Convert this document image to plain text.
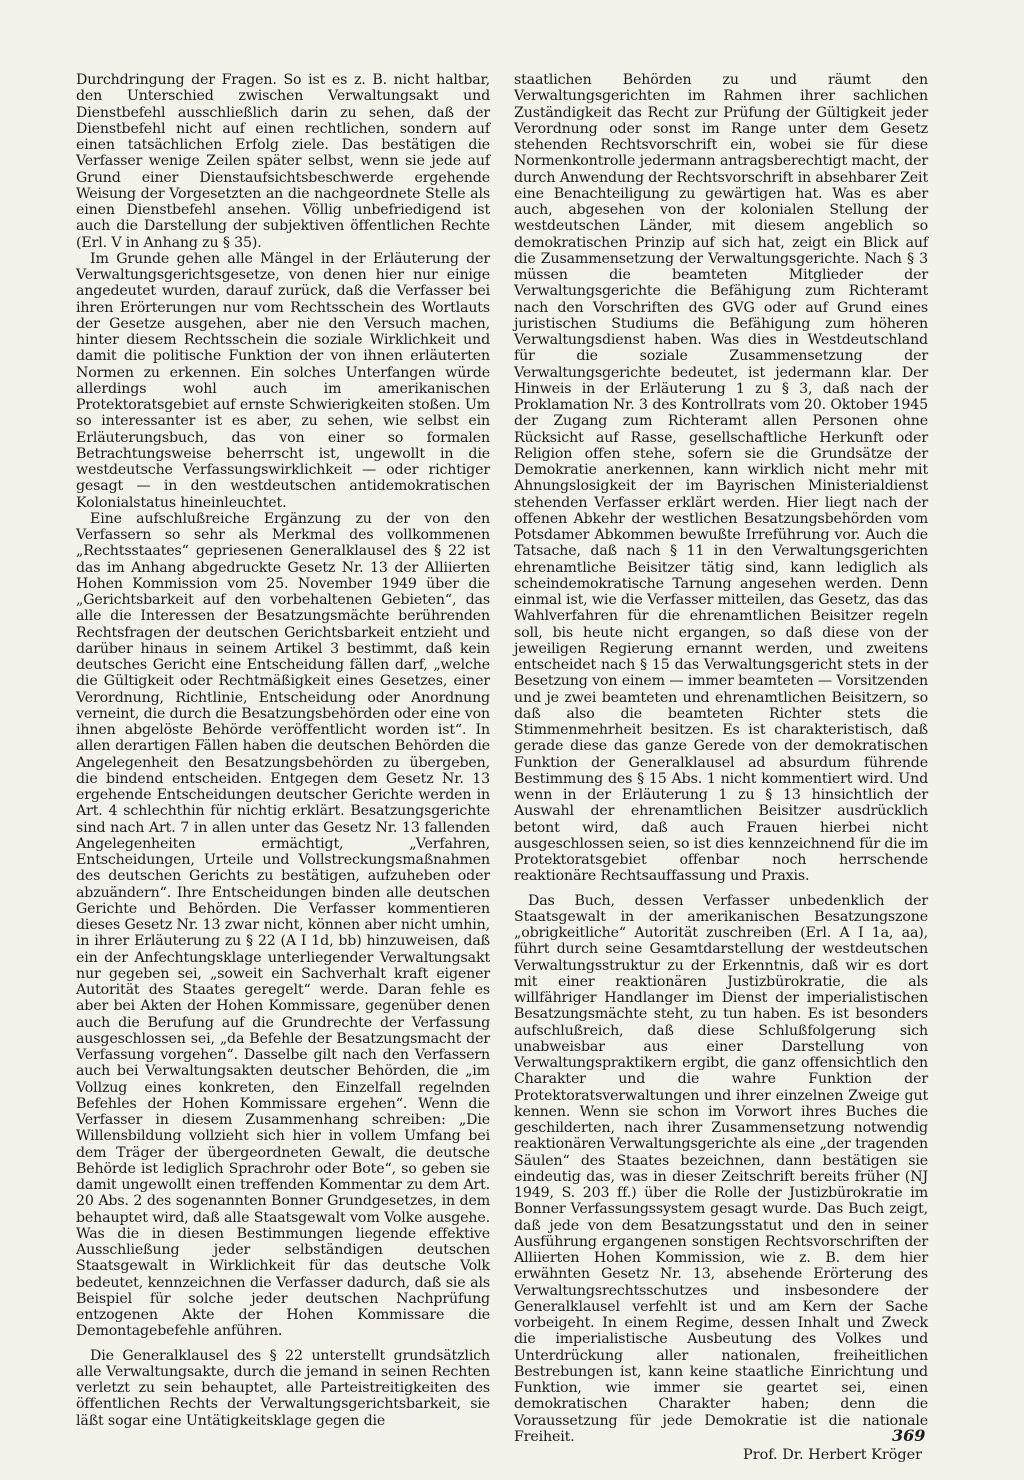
Durchdringung der Fragen. So ist es z. B. nicht haltbar, den Unterschied zwischen Verwaltungsakt und Dienstbefehl ausschließlich darin zu sehen, daß der Dienstbefehl nicht auf einen rechtlichen, sondern auf einen tatsächlichen Erfolg ziele. Das bestätigen die Verfasser wenige Zeilen später selbst, wenn sie jede auf Grund einer Dienstaufsichtsbeschwerde ergehende Weisung der Vorgesetzten an die nachgeordnete Stelle als einen Dienstbefehl ansehen. Völlig unbefriedigend ist auch die Darstellung der subjektiven öffentlichen Rechte (Erl. V in Anhang zu § 35).

Im Grunde gehen alle Mängel in der Erläuterung der Verwaltungsgerichtsgesetze, von denen hier nur einige angedeutet wurden, darauf zurück, daß die Verfasser bei ihren Erörterungen nur vom Rechtsschein des Wortlauts der Gesetze ausgehen, aber nie den Versuch machen, hinter diesem Rechtsschein die soziale Wirklichkeit und damit die politische Funktion der von ihnen erläuterten Normen zu erkennen. Ein solches Unterfangen würde allerdings wohl auch im amerikanischen Protektoratsgebiet auf ernste Schwierigkeiten stoßen. Um so interessanter ist es aber, zu sehen, wie selbst ein Erläuterungsbuch, das von einer so formalen Betrachtungsweise beherrscht ist, ungewollt in die westdeutsche Verfassungswirklichkeit — oder richtiger gesagt — in den westdeutschen antidemokratischen Kolonialstatus hineinleuchtet.

Eine aufschlußreiche Ergänzung zu der von den Verfassern so sehr als Merkmal des vollkommenen „Rechtsstaates“ gepriesenen Generalklausel des § 22 ist das im Anhang abgedruckte Gesetz Nr. 13 der Alliierten Hohen Kommission vom 25. November 1949 über die „Gerichtsbarkeit auf den vorbehaltenen Gebieten“, das alle die Interessen der Besatzungsmächte berührenden Rechtsfragen der deutschen Gerichtsbarkeit entzieht und darüber hinaus in seinem Artikel 3 bestimmt, daß kein deutsches Gericht eine Entscheidung fällen darf, „welche die Gültigkeit oder Rechtmäßigkeit eines Gesetzes, einer Verordnung, Richtlinie, Entscheidung oder Anordnung verneint, die durch die Besatzungsbehörden oder eine von ihnen abgelöste Behörde veröffentlicht worden ist“. In allen derartigen Fällen haben die deutschen Behörden die Angelegenheit den Besatzungsbehörden zu übergeben, die bindend entscheiden. Entgegen dem Gesetz Nr. 13 ergehende Entscheidungen deutscher Gerichte werden in Art. 4 schlechthin für nichtig erklärt. Besatzungsgerichte sind nach Art. 7 in allen unter das Gesetz Nr. 13 fallenden Angelegenheiten ermächtigt, „Verfahren, Entscheidungen, Urteile und Vollstreckungsmaßnahmen des deutschen Gerichts zu bestätigen, aufzuheben oder abzuändern“. Ihre Entscheidungen binden alle deutschen Gerichte und Behörden. Die Verfasser kommentieren dieses Gesetz Nr. 13 zwar nicht, können aber nicht umhin, in ihrer Erläuterung zu § 22 (A I 1d, bb) hinzuweisen, daß ein der Anfechtungsklage unterliegender Verwaltungsakt nur gegeben sei, „soweit ein Sachverhalt kraft eigener Autorität des Staates geregelt“ werde. Daran fehle es aber bei Akten der Hohen Kommissare, gegenüber denen auch die Berufung auf die Grundrechte der Verfassung ausgeschlossen sei, „da Befehle der Besatzungsmacht der Verfassung vorgehen“. Dasselbe gilt nach den Verfassern auch bei Verwaltungsakten deutscher Behörden, die „im Vollzug eines konkreten, den Einzelfall regelnden Befehles der Hohen Kommissare ergehen“. Wenn die Verfasser in diesem Zusammenhang schreiben: „Die Willensbildung vollzieht sich hier in vollem Umfang bei dem Träger der übergeordneten Gewalt, die deutsche Behörde ist lediglich Sprachrohr oder Bote“, so geben sie damit ungewollt einen treffenden Kommentar zu dem Art. 20 Abs. 2 des sogenannten Bonner Grundgesetzes, in dem behauptet wird, daß alle Staatsgewalt vom Volke ausgehe. Was die in diesen Bestimmungen liegende effektive Ausschließung jeder selbständigen deutschen Staatsgewalt in Wirklichkeit für das deutsche Volk bedeutet, kennzeichnen die Verfasser dadurch, daß sie als Beispiel für solche jeder deutschen Nachprüfung entzogenen Akte der Hohen Kommissare die Demontagebefehle anführen.

Die Generalklausel des § 22 unterstellt grundsätzlich alle Verwaltungsakte, durch die jemand in seinen Rechten verletzt zu sein behauptet, alle Parteistreitigkeiten des öffentlichen Rechts der Verwaltungsgerichtsbarkeit, sie läßt sogar eine Untätigkeitsklage gegen die

staatlichen Behörden zu und räumt den Verwaltungsgerichten im Rahmen ihrer sachlichen Zuständigkeit das Recht zur Prüfung der Gültigkeit jeder Verordnung oder sonst im Range unter dem Gesetz stehenden Rechtsvorschrift ein, wobei sie für diese Normenkontrolle jedermann antragsberechtigt macht, der durch Anwendung der Rechtsvorschrift in absehbarer Zeit eine Benachteiligung zu gewärtigen hat. Was es aber auch, abgesehen von der kolonialen Stellung der westdeutschen Länder, mit diesem angeblich so demokratischen Prinzip auf sich hat, zeigt ein Blick auf die Zusammensetzung der Verwaltungsgerichte. Nach § 3 müssen die beamteten Mitglieder der Verwaltungsgerichte die Befähigung zum Richteramt nach den Vorschriften des GVG oder auf Grund eines juristischen Studiums die Befähigung zum höheren Verwaltungsdienst haben. Was dies in Westdeutschland für die soziale Zusammensetzung der Verwaltungsgerichte bedeutet, ist jedermann klar. Der Hinweis in der Erläuterung 1 zu § 3, daß nach der Proklamation Nr. 3 des Kontrollrats vom 20. Oktober 1945 der Zugang zum Richteramt allen Personen ohne Rücksicht auf Rasse, gesellschaftliche Herkunft oder Religion offen stehe, sofern sie die Grundsätze der Demokratie anerkennen, kann wirklich nicht mehr mit Ahnungslosigkeit der im Bayrischen Ministerialdienst stehenden Verfasser erklärt werden. Hier liegt nach der offenen Abkehr der westlichen Besatzungsbehörden vom Potsdamer Abkommen bewußte Irreführung vor. Auch die Tatsache, daß nach § 11 in den Verwaltungsgerichten ehrenamtliche Beisitzer tätig sind, kann lediglich als scheindemokratische Tarnung angesehen werden. Denn einmal ist, wie die Verfasser mitteilen, das Gesetz, das das Wahlverfahren für die ehrenamtlichen Beisitzer regeln soll, bis heute nicht ergangen, so daß diese von der jeweiligen Regierung ernannt werden, und zweitens entscheidet nach § 15 das Verwaltungsgericht stets in der Besetzung von einem — immer beamteten — Vorsitzenden und je zwei beamteten und ehrenamtlichen Beisitzern, so daß also die beamteten Richter stets die Stimmenmehrheit besitzen. Es ist charakteristisch, daß gerade diese das ganze Gerede von der demokratischen Funktion der Generalklausel ad absurdum führende Bestimmung des § 15 Abs. 1 nicht kommentiert wird. Und wenn in der Erläuterung 1 zu § 13 hinsichtlich der Auswahl der ehrenamtlichen Beisitzer ausdrücklich betont wird, daß auch Frauen hierbei nicht ausgeschlossen seien, so ist dies kennzeichnend für die im Protektoratsgebiet offenbar noch herrschende reaktionäre Rechtsauffassung und Praxis.

Das Buch, dessen Verfasser unbedenklich der Staatsgewalt in der amerikanischen Besatzungszone „obrigkeitliche“ Autorität zuschreiben (Erl. A I 1a, aa), führt durch seine Gesamtdarstellung der westdeutschen Verwaltungsstruktur zu der Erkenntnis, daß wir es dort mit einer reaktionären Justizbürokratie, die als willfähriger Handlanger im Dienst der imperialistischen Besatzungsmächte steht, zu tun haben. Es ist besonders aufschlußreich, daß diese Schlußfolgerung sich unabweisbar aus einer Darstellung von Verwaltungspraktikern ergibt, die ganz offensichtlich den Charakter und die wahre Funktion der Protektoratsverwaltungen und ihrer einzelnen Zweige gut kennen. Wenn sie schon im Vorwort ihres Buches die geschilderten, nach ihrer Zusammensetzung notwendig reaktionären Verwaltungsgerichte als eine „der tragenden Säulen“ des Staates bezeichnen, dann bestätigen sie eindeutig das, was in dieser Zeitschrift bereits früher (NJ 1949, S. 203 ff.) über die Rolle der Justizbürokratie im Bonner Verfassungssystem gesagt wurde. Das Buch zeigt, daß jede von dem Besatzungsstatut und den in seiner Ausführung ergangenen sonstigen Rechtsvorschriften der Alliierten Hohen Kommission, wie z. B. dem hier erwähnten Gesetz Nr. 13, absehende Erörterung des Verwaltungsrechtsschutzes und insbesondere der Generalklausel verfehlt ist und am Kern der Sache vorbeigeht. In einem Regime, dessen Inhalt und Zweck die imperialistische Ausbeutung des Volkes und Unterdrückung aller nationalen, freiheitlichen Bestrebungen ist, kann keine staatliche Einrichtung und Funktion, wie immer sie geartet sei, einen demokratischen Charakter haben; denn die Voraussetzung für jede Demokratie ist die nationale Freiheit.

Prof. Dr. Herbert Kröger

369
